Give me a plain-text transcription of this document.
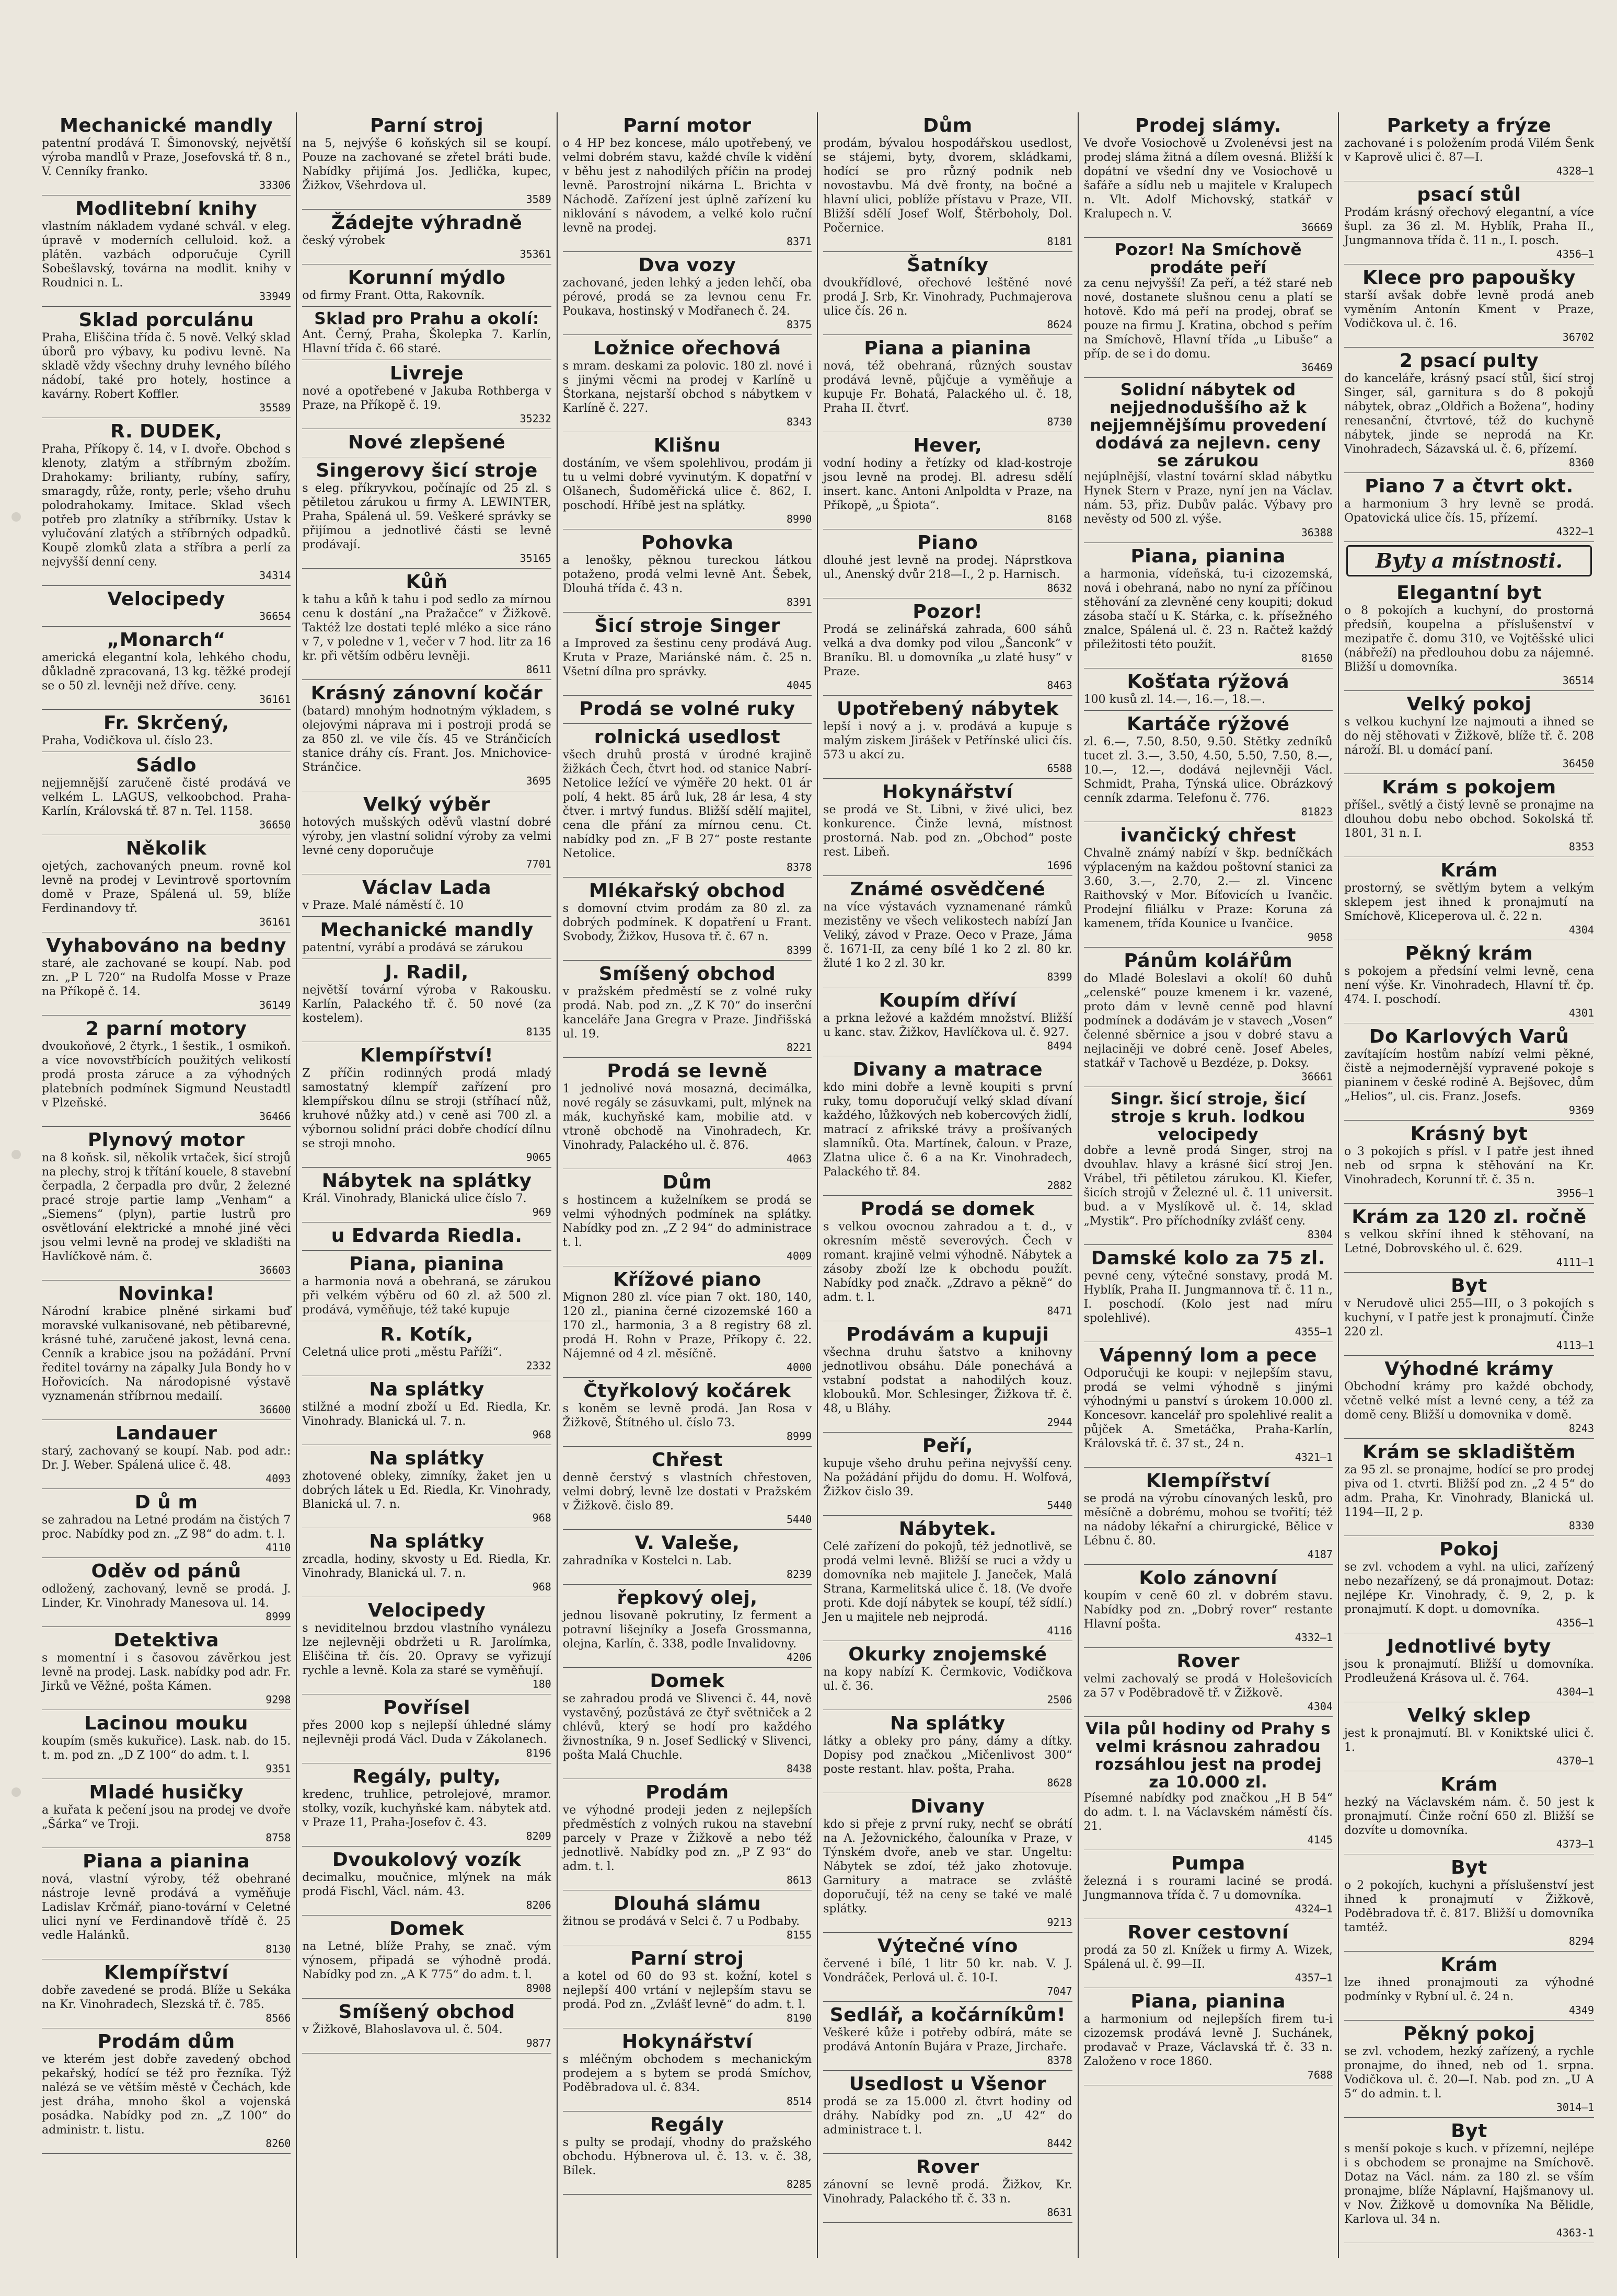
Mechanické mandly
patentní prodává T. Šimonovský, největší výroba mandlů v Praze, Josefovská tř. 8 n., V. Cenníky franko.
33306
Modlitební knihy
vlastním nákladem vydané schvál. v eleg. úpravě v moderních celluloid. kož. a plátěn. vazbách odporučuje Cyrill Sobešlavský, továrna na modlit. knihy v Roudnici n. L.
33949
Sklad porculánu
Praha, Eliščina třída č. 5 nově. Velký sklad úborů pro výbavy, ku podivu levně. Na skladě vždy všechny druhy levného bílého nádobí, také pro hotely, hostince a kavárny. Robert Koffler.
35589
R. DUDEK,
Praha, Příkopy č. 14, v I. dvoře. Obchod s klenoty, zlatým a stříbrným zbožím. Drahokamy: brilianty, rubíny, safíry, smaragdy, růže, ronty, perle; všeho druhu polodrahokamy. Imitace. Sklad všech potřeb pro zlatníky a stříbrníky. Ustav k vylučování zlatých a stříbrných odpadků. Koupě zlomků zlata a stříbra a perlí za nejvyšší denní ceny.
34314
Velocipedy
36654
„Monarch“
americká elegantní kola, lehkého chodu, důkladně zpracovaná, 13 kg. těžké prodejí se o 50 zl. levněji než dříve. ceny.
36161
Fr. Skrčený,
Praha, Vodičkova ul. číslo 23.
Sádlo
nejjemnější zaručeně čisté prodává ve velkém L. LAGUS, velkoobchod. Praha-Karlín, Královská tř. 87 n. Tel. 1158.
36650
Několik
ojetých, zachovaných pneum. rovně kol levně na prodej v Levintrově sportovním domě v Praze, Spálená ul. 59, blíže Ferdinandovy tř.
36161
Vyhabováno na bedny
staré, ale zachované se koupí. Nab. pod zn. „P L 720“ na Rudolfa Mosse v Praze na Příkopě č. 14.
36149
2 parní motory
dvoukoňové, 2 čtyrk., 1 šestik., 1 osmikoň. a více novovstřbících použitých velikostí prodá prosta záruce a za výhodných platebních podmínek Sigmund Neustadtl v Plzeňské.
36466
Plynový motor
na 8 koňsk. sil, několik vrtaček, šicí strojů na plechy, stroj k třítání kouele, 8 stavební čerpadla, 2 čerpadla pro dvůr, 2 železné pracé stroje partie lamp „Venham“ a „Siemens“ (plyn), partie lustrů pro osvětlování elektrické a mnohé jiné věci jsou velmi levně na prodej ve skladišti na Havlíčkově nám. č.
36603
Novinka!
Národní krabice plněné sirkami buď moravské vulkanisované, neb pětibarevné, krásné tuhé, zaručené jakost, levná cena. Cenník a krabice jsou na požádání. První ředitel továrny na zápalky Jula Bondy ho v Hořovicích. Na národopisné výstavě vyznamenán stříbrnou medailí.
36600
Landauer
starý, zachovaný se koupí. Nab. pod adr.: Dr. J. Weber. Spálená ulice č. 48.
4093
D ů m
se zahradou na Letné prodám na čistých 7 proc. Nabídky pod zn. „Z 98“ do adm. t. l.
4110
Oděv od pánů
odložený, zachovaný, levně se prodá. J. Linder, Kr. Vinohrady Manesova ul. 14.
8999
Detektiva
s momentní i s časovou závěrkou jest levně na prodej. Lask. nabídky pod adr. Fr. Jirků ve Věžné, pošta Kámen.
9298
Lacinou mouku
koupím (směs kukuřice). Lask. nab. do 15. t. m. pod zn. „D Z 100“ do adm. t. l.
9351
Mladé husičky
a kuřata k pečení jsou na prodej ve dvoře „Šárka“ ve Troji.
8758
Piana a pianina
nová, vlastní výroby, též obehrané nástroje levně prodává a vyměňuje Ladislav Krčmář, piano-tovární v Celetné ulici nyní ve Ferdinandově třídě č. 25 vedle Halánků.
8130
Klempířství
dobře zavedené se prodá. Blíže u Sekáka na Kr. Vinohradech, Slezská tř. č. 785.
8566
Prodám dům
ve kterém jest dobře zavedený obchod pekařský, hodící se též pro řezníka. Týž nalézá se ve větším městě v Čechách, kde jest dráha, mnoho škol a vojenská posádka. Nabídky pod zn. „Z 100“ do administr. t. listu.
8260
Parní stroj
na 5, nejvýše 6 koňských sil se koupí. Pouze na zachované se zřetel bráti bude. Nabídky přijímá Jos. Jedlička, kupec, Žižkov, Všehrdova ul.
3589
Žádejte výhradně
český výrobek
35361
Korunní mýdlo
od firmy Frant. Otta, Rakovník.
Sklad pro Prahu a okolí:
Ant. Černý, Praha, Školepka 7. Karlín, Hlavní třída č. 66 staré.
Livreje
nové a opotřebené v Jakuba Rothberga v Praze, na Příkopě č. 19.
35232
Nové zlepšené
Singerovy šicí stroje
s eleg. příkryvkou, počínajíc od 25 zl. s pětiletou zárukou u firmy A. LEWINTER, Praha, Spálená ul. 59. Veškeré správky se přijímou a jednotlivé části se levně prodávají.
35165
Kůň
k tahu a kůň k tahu i pod sedlo za mírnou cenu k dostání „na Pražačce“ v Žižkově. Taktéž lze dostati teplé mléko a sice ráno v 7, v poledne v 1, večer v 7 hod. litr za 16 kr. při větším odběru levněji.
8611
Krásný zánovní kočár
(batard) mnohým hodnotným výkladem, s olejovými náprava mi i postroji prodá se za 850 zl. ve vile čís. 45 ve Stránčicích stanice dráhy cís. Frant. Jos. Mnichovice-Stránčice.
3695
Velký výběr
hotových mušských oděvů vlastní dobré výroby, jen vlastní solidní výroby za velmi levné ceny doporučuje
7701
Václav Lada
v Praze. Malé náměstí č. 10
Mechanické mandly
patentní, vyrábí a prodává se zárukou
J. Radil,
největší tovární výroba v Rakousku. Karlín, Palackého tř. č. 50 nové (za kostelem).
8135
Klempířství!
Z příčin rodinných prodá mladý samostatný klempíř zařízení pro klempířskou dílnu se stroji (stříhací nůž, kruhové nůžky atd.) v ceně asi 700 zl. a výbornou solidní práci dobře chodící dílnu se stroji mnoho.
9065
Nábytek na splátky
Král. Vinohrady, Blanická ulice číslo 7.
969
u Edvarda Riedla.
Piana, pianina
a harmonia nová a obehraná, se zárukou při velkém výběru od 60 zl. až 500 zl. prodává, vyměňuje, též také kupuje
R. Kotík,
Celetná ulice proti „městu Paříži“.
2332
Na splátky
stilžné a modní zboží u Ed. Riedla, Kr. Vinohrady. Blanická ul. 7. n.
968
Na splátky
zhotovené obleky, zimníky, žaket jen u dobrých látek u Ed. Riedla, Kr. Vinohrady, Blanická ul. 7. n.
968
Na splátky
zrcadla, hodiny, skvosty u Ed. Riedla, Kr. Vinohrady, Blanická ul. 7. n.
968
Velocipedy
s neviditelnou brzdou vlastního vynálezu lze nejlevněji obdržeti u R. Jarolímka, Eliščina tř. čís. 20. Opravy se vyřizují rychle a levně. Kola za staré se vyměňují.
180
Povřísel
přes 2000 kop s nejlepší úhledné slámy nejlevněji prodá Václ. Duda v Zákolanech.
8196
Regály, pulty,
kredenc, truhlice, petrolejové, mramor. stolky, vozík, kuchyňské kam. nábytek atd. v Praze 11, Praha-Josefov č. 43.
8209
Dvoukolový vozík
decimalku, moučnice, mlýnek na mák prodá Fischl, Václ. nám. 43.
8206
Domek
na Letné, blíže Prahy, se znač. vým výnosem, připadá se výhodně prodá. Nabídky pod zn. „A K 775“ do adm. t. l.
8908
Smíšený obchod
v Žižkově, Blahoslavova ul. č. 504.
9877
Parní motor
o 4 HP bez koncese, málo upotřebený, ve velmi dobrém stavu, každé chvíle k vidění v běhu jest z nahodilých příčin na prodej levně. Parostrojní nikárna L. Brichta v Náchodě. Zařízení jest úplně zařízení ku niklování s návodem, a velké kolo ruční levně na prodej.
8371
Dva vozy
zachované, jeden lehký a jeden lehčí, oba pérové, prodá se za levnou cenu Fr. Poukava, hostinský v Modřanech č. 24.
8375
Ložnice ořechová
s mram. deskami za polovic. 180 zl. nové i s jinými věcmi na prodej v Karlíně u Štorkana, nejstarší obchod s nábytkem v Karlíně č. 227.
8343
Klišnu
dostáním, ve všem spolehlivou, prodám ji tu u velmi dobré vyvinutým. K dopatřní v Olšanech, Šudoměřická ulice č. 862, I. poschodí. Hříbě jest na splátky.
8990
Pohovka
a lenošky, pěknou tureckou látkou potaženo, prodá velmi levně Ant. Šebek, Dlouhá třída č. 43 n.
8391
Šicí stroje Singer
a Improved za šestinu ceny prodává Aug. Kruta v Praze, Mariánské nám. č. 25 n. Všetní dílna pro správky.
4045
Prodá se volné ruky
rolnická usedlost
všech druhů prostá v úrodné krajině žižkách Čech, čtvrt hod. od stanice Nabrí-Netolice ležící ve výměře 20 hekt. 01 ár polí, 4 hekt. 85 árů luk, 28 ár lesa, 4 sty čtver. i mrtvý fundus. Bližší sdělí majitel, cena dle přání za mírnou cenu. Ct. nabídky pod zn. „F B 27“ poste restante Netolice.
8378
Mlékařský obchod
s domovní ctvim prodám za 80 zl. za dobrých podmínek. K dopatření u Frant. Svobody, Žižkov, Husova tř. č. 67 n.
8399
Smíšený obchod
v pražském předměstí se z volné ruky prodá. Nab. pod zn. „Z K 70“ do inserční kanceláře Jana Gregra v Praze. Jindřišská ul. 19.
8221
Prodá se levně
1 jednolivé nová mosazná, decimálka, nové regály se zásuvkami, pult, mlýnek na mák, kuchyňské kam, mobilie atd. v vtroně obchodě na Vinohradech, Kr. Vinohrady, Palackého ul. č. 876.
4063
Dům
s hostincem a kuželníkem se prodá se velmi výhodných podmínek na splátky. Nabídky pod zn. „Z 2 94“ do administrace t. l.
4009
Křížové piano
Mignon 280 zl. více pian 7 okt. 180, 140, 120 zl., pianina černé cizozemské 160 a 170 zl., harmonia, 3 a 8 registry 68 zl. prodá H. Rohn v Praze, Příkopy č. 22. Nájemné od 4 zl. měsíčně.
4000
Čtyřkolový kočárek
s koněm se levně prodá. Jan Rosa v Žižkově, Štítného ul. číslo 73.
8999
Chřest
denně čerstvý s vlastních chřestoven, velmi dobrý, levně lze dostati v Pražském v Žižkově. čislo 89.
5440
V. Valeše,
zahradníka v Kostelci n. Lab.
8239
řepkový olej,
jednou lisovaně pokrutiny, Iz ferment a potravní lišejníky a Josefa Grossmanna, olejna, Karlín, č. 338, podle Invalidovny.
4206
Domek
se zahradou prodá ve Slivenci č. 44, nově vystavěný, pozůstává ze čtyř světniček a 2 chlévů, který se hodí pro každého živnostníka, 9 n. Josef Sedlický v Slivenci, pošta Malá Chuchle.
8438
Prodám
ve výhodné prodeji jeden z nejlepších předměstích z volných rukou na stavební parcely v Praze v Žižkově a nebo též jednotlivě. Nabídky pod zn. „P Z 93“ do adm. t. l.
8613
Dlouhá slámu
žitnou se prodává v Selci č. 7 u Podbaby.
8155
Parní stroj
a kotel od 60 do 93 st. kožní, kotel s nejlepší 400 vrtání v nejlepším stavu se prodá. Pod zn. „Zvlášť levně“ do adm. t. l.
8190
Hokynářství
s mléčným obchodem s mechanickým prodejem a s bytem se prodá Smíchov, Poděbradova ul. č. 834.
8514
Regály
s pulty se prodají, vhodny do pražského obchodu. Hýbnerova ul. č. 13. v. č. 38, Bílek.
8285
Dům
prodám, bývalou hospodářskou usedlost, se stájemi, byty, dvorem, skládkami, hodící se pro různý podnik neb novostavbu. Má dvě fronty, na bočné a hlavní ulici, poblíže přístavu v Praze, VII. Bližší sdělí Josef Wolf, Štěrboholy, Dol. Počernice.
8181
Šatníky
dvoukřídlové, ořechové leštěné nové prodá J. Srb, Kr. Vinohrady, Puchmajerova ulice čís. 26 n.
8624
Piana a pianina
nová, též obehraná, různých soustav prodává levně, půjčuje a vyměňuje a kupuje Fr. Bohatá, Palackého ul. č. 18, Praha II. čtvrť.
8730
Hever,
vodní hodiny a řetízky od klad-kostroje jsou levně na prodej. Bl. adresu sdělí insert. kanc. Antoni Anlpoldta v Praze, na Příkopě, „u Špiota“.
8168
Piano
dlouhé jest levně na prodej. Náprstkova ul., Anenský dvůr 218—I., 2 p. Harnisch.
8632
Pozor!
Prodá se zelinářská zahrada, 600 sáhů velká a dva domky pod vilou „Šanconk“ v Braníku. Bl. u domovníka „u zlaté husy“ v Praze.
8463
Upotřebený nábytek
lepší i nový a j. v. prodává a kupuje s malým ziskem Jirášek v Petřínské ulici čís. 573 u akcí zu.
6588
Hokynářství
se prodá ve St. Libni, v živé ulici, bez konkurence. Činže levná, místnost prostorná. Nab. pod zn. „Obchod“ poste rest. Libeň.
1696
Známé osvědčené
na více výstavách vyznamenané rámků mezistěny ve všech velikostech nabízí Jan Veliký, závod v Praze. Oeco v Praze, Jáma č. 1671-II, za ceny bílé 1 ko 2 zl. 80 kr. žluté 1 ko 2 zl. 30 kr.
8399
Koupím dříví
a prkna ležové a každém množství. Bližší u kanc. stav. Žižkov, Havlíčkova ul. č. 927.
8494
Divany a matrace
kdo mini dobře a levně koupiti s první ruky, tomu doporučují velký sklad dívaní každého, lůžkových neb kobercových židlí, matrací z afrikské trávy a prošívaných slamníků. Ota. Martínek, čaloun. v Praze, Zlatna ulice č. 6 a na Kr. Vinohradech, Palackého tř. 84.
2882
Prodá se domek
s velkou ovocnou zahradou a t. d., v okresním městě severových. Čech v romant. krajině velmi výhodně. Nábytek a zásoby zboží lze k obchodu použít. Nabídky pod značk. „Zdravo a pěkně“ do adm. t. l.
8471
Prodávám a kupuji
všechna druhu šatstvo a knihovny jednotlivou obsáhu. Dále ponechává a vstabní podstat a nahodilých kouz. klobouků. Mor. Schlesinger, Žižkova tř. č. 48, u Bláhy.
2944
Peří,
kupuje všeho druhu peřina nejvyšší ceny. Na požádání přijdu do domu. H. Wolfová, Žižkov čislo 39.
5440
Nábytek.
Celé zařízení do pokojů, též jednotlivě, se prodá velmi levně. Bližší se ruci a vždy u domovníka neb majitele J. Janeček, Malá Strana, Karmelitská ulice č. 18. (Ve dvoře proti. Kde dojí nábytek se koupí, též sídlí.) Jen u majitele neb nejprodá.
4116
Okurky znojemské
na kopy nabízí K. Čermkovic, Vodičkova ul. č. 36.
2506
Na splátky
látky a obleky pro pány, dámy a dítky. Dopisy pod značkou „Mičenlivost 300“ poste restant. hlav. pošta, Praha.
8628
Divany
kdo si přeje z první ruky, nechť se obrátí na A. Ježovnického, čalouníka v Praze, v Týnském dvoře, aneb ve star. Ungeltu: Nábytek se zdoí, též jako zhotovuje. Garnitury a matrace se zvláště doporučují, též na ceny se také ve malé splátky.
9213
Výtečné víno
červené i bílé, 1 litr 50 kr. nab. V. J. Vondráček, Perlová ul. č. 10-I.
7047
Sedlář, a kočárníkům!
Veškeré kůže i potřeby odbírá, máte se prodává Antonín Bujára v Praze, Jirchaře.
8378
Usedlost u Všenor
prodá se za 15.000 zl. čtvrt hodiny od dráhy. Nabídky pod zn. „U 42“ do administrace t. l.
8442
Rover
zánovní se levně prodá. Žižkov, Kr. Vinohrady, Palackého tř. č. 33 n.
8631
Prodej slámy.
Ve dvoře Vosiochově u Zvolenévsi jest na prodej sláma žitná a dílem ovesná. Bližší k dopátní ve všední dny ve Vosiochově u šafáře a sídlu neb u majitele v Kralupech n. Vlt. Adolf Michovský, statkář v Kralupech n. V.
36669
Pozor! Na Smíchově prodáte peří
za cenu nejvyšší! Za peří, a též staré neb nové, dostanete slušnou cenu a platí se hotově. Kdo má peří na prodej, obrať se pouze na firmu J. Kratina, obchod s peřím na Smíchově, Hlavní třída „u Libuše“ a příp. de se i do domu.
36469
Solidní nábytek od nejjednoduššího až k nejjemnějšímu provedení dodává za nejlevn. ceny se zárukou
nejúplnější, vlastní tovární sklad nábytku Hynek Stern v Praze, nyní jen na Václav. nám. 53, přiz. Dubův palác. Výbavy pro nevěsty od 500 zl. výše.
36388
Piana, pianina
a harmonia, vídeňská, tu-i cizozemská, nová i obehraná, nabo no nyní za příčinou stěhování za zlevněné ceny koupiti; dokud zásoba stačí u K. Stárka, c. k. přísežného znalce, Spálená ul. č. 23 n. Račtež každý přiležitosti této použít.
81650
Košťata rýžová
100 kusů zl. 14.—, 16.—, 18.—.
Kartáče rýžové
zl. 6.—, 7.50, 8.50, 9.50. Stětky zedníků tucet zl. 3.—, 3.50, 4.50, 5.50, 7.50, 8.—, 10.—, 12.—, dodává nejlevněji Václ. Schmidt, Praha, Týnská ulice. Obrázkový cenník zdarma. Telefonu č. 776.
81823
ivančický chřest
Chvalně známý nabízí v škp. bedníčkách výplaceným na každou poštovní stanici za 3.60, 3.—, 2.70, 2.— zl. Vincenc Raithovský v Mor. Bíťovicích u Ivančic. Prodejní filiálku v Praze: Koruna zá kamenem, třída Kounice u Ivančice.
9058
Pánům kolářům
do Mladé Boleslavi a okolí! 60 duhů „celenské“ pouze kmenem i kr. vazené, proto dám v levně cenně pod hlavní podmínek a dodávám je v stavech „Vosen“ čelenné sběrnice a jsou v dobré stavu a nejlaciněji ve dobré ceně. Josef Abeles, statkář v Tachově u Bezdéze, p. Doksy.
36661
Singr. šicí stroje, šicí stroje s kruh. lodkou velocipedy
dobře a levně prodá Singer, stroj na dvouhlav. hlavy a krásné šicí stroj Jen. Vrábel, tři pětiletou zárukou. Kl. Kiefer, šicích strojů v Železné ul. č. 11 universit. bud. a v Myslíkově ul. č. 14, sklad „Mystik“. Pro příchodníky zvlášť ceny.
8304
Damské kolo za 75 zl.
pevné ceny, výtečné sonstavy, prodá M. Hyblík, Praha II. Jungmannova tř. č. 11 n., I. poschodí. (Kolo jest nad míru spolehlivé).
4355—1
Vápenný lom a pece
Odporučuji ke koupi: v nejlepším stavu, prodá se velmi výhodně s jinými výhodnými u panství s úrokem 10.000 zl. Koncesovr. kancelář pro spolehlivé realit a půjček A. Smetáčka, Praha-Karlín, Královská tř. č. 37 st., 24 n.
4321—1
Klempířství
se prodá na výrobu cínovaných lesků, pro měsíčně a dobrému, mohou se tvořití; též na nádoby lékařní a chirurgické, Bělice v Lébnu č. 80.
4187
Kolo zánovní
koupím v ceně 60 zl. v dobrém stavu. Nabídky pod zn. „Dobrý rover“ restante Hlavní pošta.
4332—1
Rover
velmi zachovalý se prodá v Holešovicích za 57 v Poděbradově tř. v Žižkově.
4304
Vila půl hodiny od Prahy s velmi krásnou zahradou rozsáhlou jest na prodej za 10.000 zl.
Písemné nabídky pod značkou „H B 54“ do adm. t. l. na Václavském náměstí čís. 21.
4145
Pumpa
železná i s rourami laciné se prodá. Jungmannova třída č. 7 u domovníka.
4324—1
Rover cestovní
prodá za 50 zl. Knížek u firmy A. Wizek, Spálená ul. č. 99—II.
4357—1
Piana, pianina
a harmonium od nejlepších firem tu-i cizozemsk prodává levně J. Suchánek, prodavač v Praze, Václavská tř. č. 33 n. Založeno v roce 1860.
7688
Parkety a frýze
zachované i s položením prodá Vilém Šenk v Kaprově ulici č. 87—I.
4328—1
psací stůl
Prodám krásný ořechový elegantní, a více šupl. za 36 zl. M. Hyblík, Praha II., Jungmannova třída č. 11 n., I. posch.
4356—1
Klece pro papoušky
starší avšak dobře levně prodá aneb vyměním Antonín Kment v Praze, Vodičkova ul. č. 16.
36702
2 psací pulty
do kanceláře, krásný psací stůl, šicí stroj Singer, sál, garnitura s do 8 pokojů nábytek, obraz „Oldřich a Božena“, hodiny renesanční, čtvrtové, též do kuchyně nábytek, jinde se neprodá na Kr. Vinohradech, Sázavská ul. č. 6, přízemí.
8360
Piano 7 a čtvrt okt.
a harmonium 3 hry levně se prodá. Opatovická ulice čís. 15, přízemí.
4322—1
Byty a místnosti.
Elegantní byt
o 8 pokojích a kuchyní, do prostorná předsíň, koupelna a příslušenství v mezipatře č. domu 310, ve Vojtěšské ulici (nábřeží) na předlouhou dobu za nájemné. Bližší u domovníka.
36514
Velký pokoj
s velkou kuchyní lze najmouti a ihned se do něj stěhovati v Žižkově, blíže tř. č. 208 nároží. Bl. u domácí paní.
36450
Krám s pokojem
příšel., světlý a čistý levně se pronajme na dlouhou dobu nebo obchod. Sokolská tř. 1801, 31 n. I.
8353
Krám
prostorný, se světlým bytem a velkým sklepem jest ihned k pronajmutí na Smíchově, Kliceperova ul. č. 22 n.
4304
Pěkný krám
s pokojem a předsíní velmi levně, cena není výše. Kr. Vinohradech, Hlavní tř. čp. 474. I. poschodí.
4301
Do Karlových Varů
zavítajícím hostům nabízí velmi pěkné, čistě a nejmodernější vypravené pokoje s pianinem v české rodině A. Bejšovec, dům „Helios“, ul. cis. Franz. Josefs.
9369
Krásný byt
o 3 pokojích s přísl. v I patře jest ihned neb od srpna k stěhování na Kr. Vinohradech, Korunní tř. č. 35 n.
3956—1
Krám za 120 zl. ročně
s velkou skříní ihned k stěhovaní, na Letné, Dobrovského ul. č. 629.
4111—1
Byt
v Nerudově ulici 255—III, o 3 pokojích s kuchyní, v I patře jest k pronajmutí. Činže 220 zl.
4113—1
Výhodné krámy
Obchodní krámy pro každé obchody, včetně velké míst a levné ceny, a též za domě ceny. Bližší u domovnika v domě.
8243
Krám se skladištěm
za 95 zl. se pronajme, hodící se pro prodej piva od 1. ctvrti. Bližší pod zn. „2 4 5“ do adm. Praha, Kr. Vinohrady, Blanická ul. 1194—II, 2 p.
8330
Pokoj
se zvl. vchodem a vyhl. na ulici, zařízený nebo nezařízený, se dá pronajmout. Dotaz: nejlépe Kr. Vinohrady, č. 9, 2, p. k pronajmutí. K dopt. u domovníka.
4356—1
Jednotlivé byty
jsou k pronajmutí. Bližší u domovníka. Prodleužená Krásova ul. č. 764.
4304—1
Velký sklep
jest k pronajmutí. Bl. v Koniktské ulici č. 1.
4370—1
Krám
hezký na Václavském nám. č. 50 jest k pronajmutí. Činže roční 650 zl. Bližší se dozvíte u domovníka.
4373—1
Byt
o 2 pokojích, kuchyni a příslušenství jest ihned k pronajmutí v Žižkově, Poděbradova tř. č. 817. Bližší u domovníka tamtéž.
8294
Krám
lze ihned pronajmouti za výhodné podmínky v Rybní ul. č. 24 n.
4349
Pěkný pokoj
se zvl. vchodem, hezký zařízený, a rychle pronajme, do ihned, neb od 1. srpna. Vodičkova ul. č. 20—I. Nab. pod zn. „U A 5“ do admin. t. l.
3014—1
Byt
s menší pokoje s kuch. v přízemní, nejlépe i s obchodem se pronajme na Smíchově. Dotaz na Václ. nám. za 180 zl. se vším pronajme, blíže Náplavní, Hajšmanovy ul. v Nov. Žižkově u domovníka Na Bělidle, Karlova ul. 34 n.
4363-1
